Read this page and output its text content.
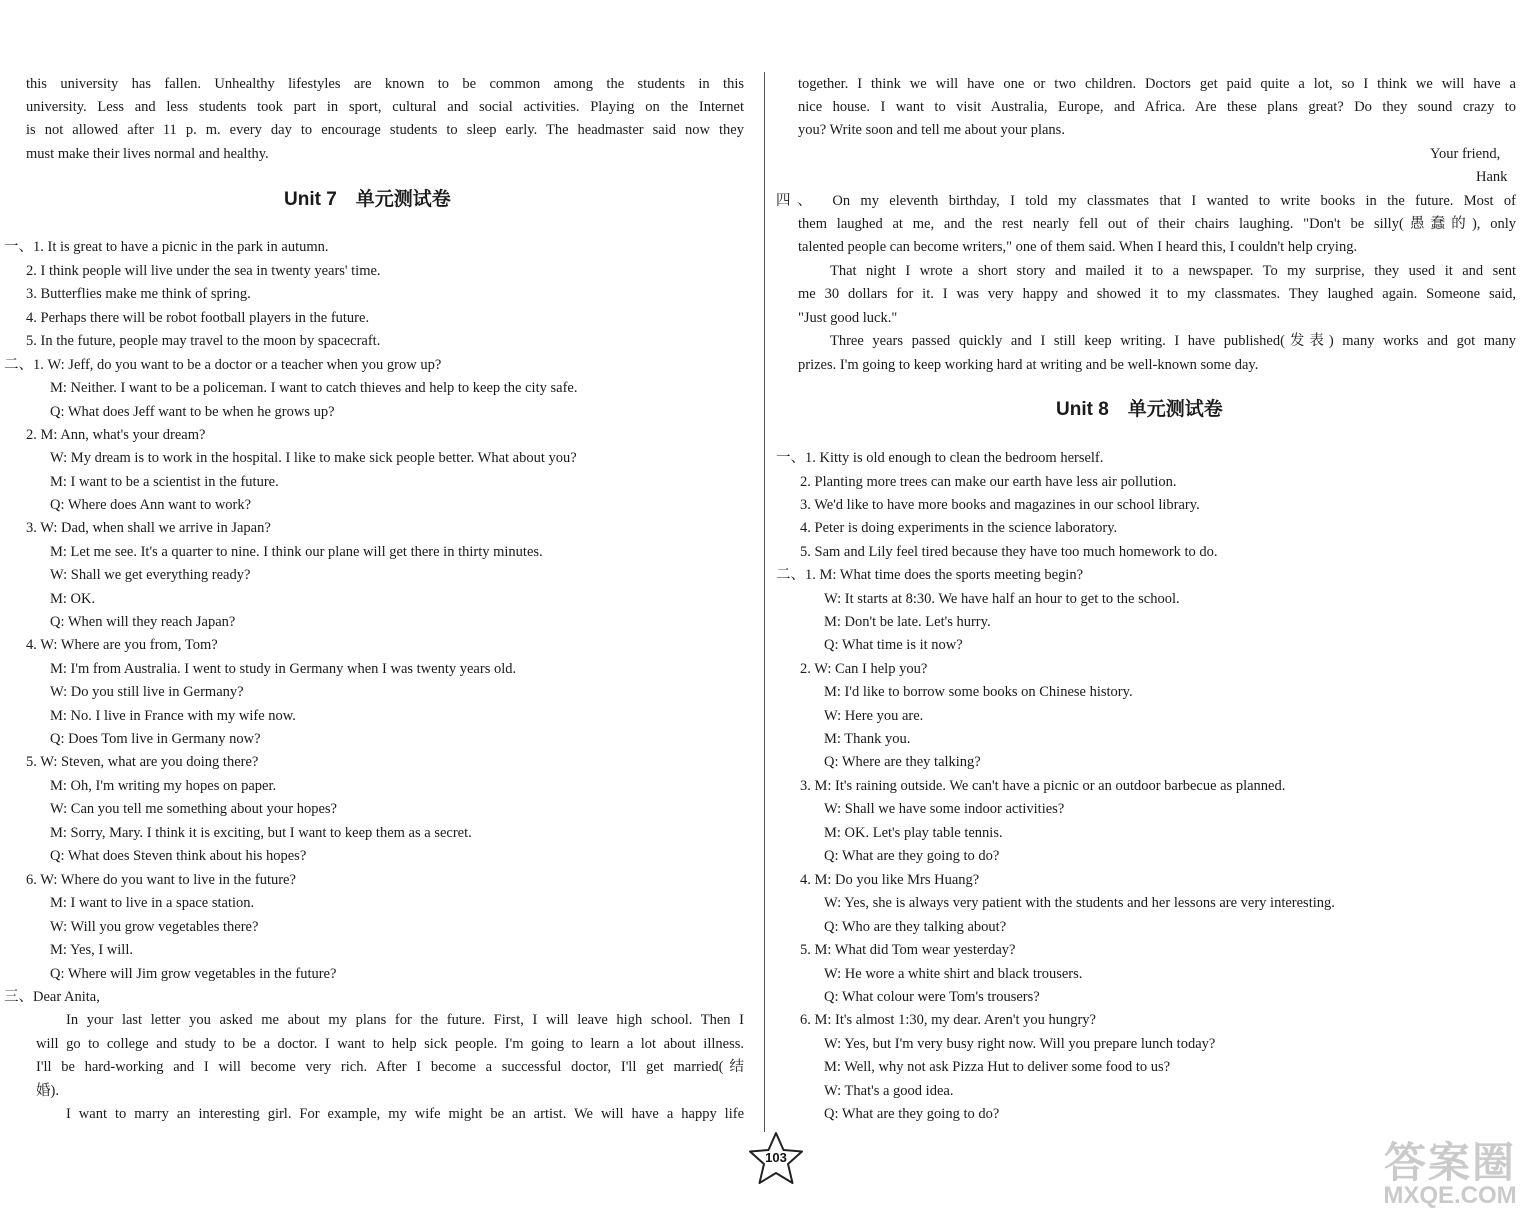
this university has fallen. Unhealthy lifestyles are known to be common among the students in this
university. Less and less students took part in sport, cultural and social activities. Playing on the Internet
is not allowed after 11 p. m. every day to encourage students to sleep early. The headmaster said now they
must make their lives normal and healthy.
Unit 7　单元测试卷
一、1. It is great to have a picnic in the park in autumn.
2. I think people will live under the sea in twenty years' time.
3. Butterflies make me think of spring.
4. Perhaps there will be robot football players in the future.
5. In the future, people may travel to the moon by spacecraft.
二、1. W: Jeff, do you want to be a doctor or a teacher when you grow up?
M: Neither. I want to be a policeman. I want to catch thieves and help to keep the city safe.
Q: What does Jeff want to be when he grows up?
2. M: Ann, what's your dream?
W: My dream is to work in the hospital. I like to make sick people better. What about you?
M: I want to be a scientist in the future.
Q: Where does Ann want to work?
3. W: Dad, when shall we arrive in Japan?
M: Let me see. It's a quarter to nine. I think our plane will get there in thirty minutes.
W: Shall we get everything ready?
M: OK.
Q: When will they reach Japan?
4. W: Where are you from, Tom?
M: I'm from Australia. I went to study in Germany when I was twenty years old.
W: Do you still live in Germany?
M: No. I live in France with my wife now.
Q: Does Tom live in Germany now?
5. W: Steven, what are you doing there?
M: Oh, I'm writing my hopes on paper.
W: Can you tell me something about your hopes?
M: Sorry, Mary. I think it is exciting, but I want to keep them as a secret.
Q: What does Steven think about his hopes?
6. W: Where do you want to live in the future?
M: I want to live in a space station.
W: Will you grow vegetables there?
M: Yes, I will.
Q: Where will Jim grow vegetables in the future?
三、Dear Anita,
In your last letter you asked me about my plans for the future. First, I will leave high school. Then I
will go to college and study to be a doctor. I want to help sick people. I'm going to learn a lot about illness.
I'll be hard-working and I will become very rich. After I become a successful doctor, I'll get married(结
婚).
I want to marry an interesting girl. For example, my wife might be an artist. We will have a happy life
together. I think we will have one or two children. Doctors get paid quite a lot, so I think we will have a
nice house. I want to visit Australia, Europe, and Africa. Are these plans great? Do they sound crazy to
you? Write soon and tell me about your plans.
Your friend,
Hank
四、　On my eleventh birthday, I told my classmates that I wanted to write books in the future. Most of
them laughed at me, and the rest nearly fell out of their chairs laughing. "Don't be silly(愚蠢的), only
talented people can become writers," one of them said. When I heard this, I couldn't help crying.
That night I wrote a short story and mailed it to a newspaper. To my surprise, they used it and sent
me 30 dollars for it. I was very happy and showed it to my classmates. They laughed again. Someone said,
"Just good luck."
Three years passed quickly and I still keep writing. I have published(发表) many works and got many
prizes. I'm going to keep working hard at writing and be well-known some day.
Unit 8　单元测试卷
一、1. Kitty is old enough to clean the bedroom herself.
2. Planting more trees can make our earth have less air pollution.
3. We'd like to have more books and magazines in our school library.
4. Peter is doing experiments in the science laboratory.
5. Sam and Lily feel tired because they have too much homework to do.
二、1. M: What time does the sports meeting begin?
W: It starts at 8:30. We have half an hour to get to the school.
M: Don't be late. Let's hurry.
Q: What time is it now?
2. W: Can I help you?
M: I'd like to borrow some books on Chinese history.
W: Here you are.
M: Thank you.
Q: Where are they talking?
3. M: It's raining outside. We can't have a picnic or an outdoor barbecue as planned.
W: Shall we have some indoor activities?
M: OK. Let's play table tennis.
Q: What are they going to do?
4. M: Do you like Mrs Huang?
W: Yes, she is always very patient with the students and her lessons are very interesting.
Q: Who are they talking about?
5. M: What did Tom wear yesterday?
W: He wore a white shirt and black trousers.
Q: What colour were Tom's trousers?
6. M: It's almost 1:30, my dear. Aren't you hungry?
W: Yes, but I'm very busy right now. Will you prepare lunch today?
M: Well, why not ask Pizza Hut to deliver some food to us?
W: That's a good idea.
Q: What are they going to do?
103	答案圈
MXQE.COM
